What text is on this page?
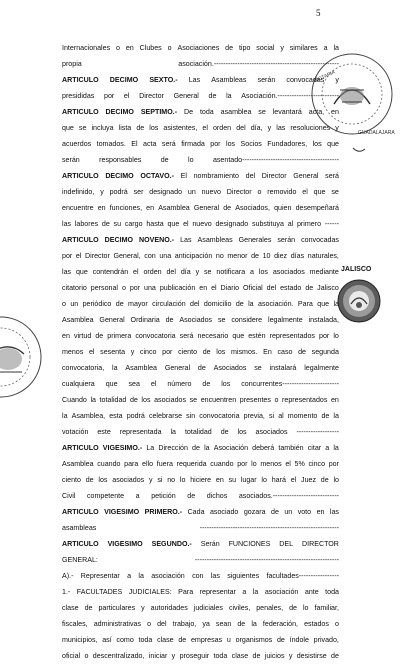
5
NOTARIA
GUADALAJARA
JALISCO
Internacionales o en Clubes o Asociaciones de tipo social y similares a la
propia	asociación.-----------------------------------------------------
ARTICULO DECIMO SEXTO.- Las Asambleas serán convocadas y
presididas por el Director General de la Asociación.--------------------------
ARTICULO DECIMO SEPTIMO.- De toda asamblea se levantará acta, en
que se incluya lista de los asistentes, el orden del día, y las resoluciones y
acuerdos tomados. El acta será firmada por los Socios Fundadores, los que
serán	responsables	de	lo	asentado-----------------------------------------
ARTICULO DECIMO OCTAVO.- El nombramiento del Director General será
indefinido, y podrá ser designado un nuevo Director o removido el que se
encuentre en funciones, en Asamblea General de Asociados, quien desempeñará
las labores de su cargo hasta que el nuevo designado substituya al primero ------
ARTICULO DECIMO NOVENO.- Las Asambleas Generales serán convocadas
por el Director General, con una anticipación no menor de 10 diez días naturales,
las que contendrán el orden del día y se notificara a los asociados mediante
citatorio personal o por una publicación en el Diario Oficial del estado de Jalisco
o un periódico de mayor circulación del domicilio de la asociación. Para que la
Asamblea General Ordinaria de Asociados se considere legalmente instalada,
en virtud de primera convocatoria será necesario que estén representados por lo
menos el sesenta y cinco por ciento de los mismos. En caso de segunda
convocatoria, la Asamblea General de Asociados se instalará legalmente
cualquiera que sea el número de los concurrentes------------------------
Cuando la totalidad de los asociados se encuentren presentes o representados en
la Asamblea, esta podrá celebrarse sin convocatoria previa, si al momento de la
votación este representada la totalidad de los asociados ------------------
ARTICULO VIGESIMO.- La Dirección de la Asociación deberá también citar a la
Asamblea cuando para ello fuera requerida cuando por lo menos el 5% cinco por
ciento de los asociados y si no lo hiciere en su lugar lo hará el Juez de lo
Civil competente a petición de dichos asociados.----------------------------
ARTICULO VIGESIMO PRIMERO.- Cada asociado gozara de un voto en las
asambleas	-----------------------------------------------------------
ARTICULO VIGESIMO SEGUNDO.- Serán FUNCIONES DEL DIRECTOR
GENERAL:	-------------------------------------------------------------
A).- Representar a la asociación con las siguientes facultades-----------------
1.- FACULTADES JUDICIALES: Para representar a la asociación ante toda
clase de particulares y autoridades judiciales civiles, penales, de lo familiar,
fiscales, administrativas o del trabajo, ya sean de la federación, estados o
municipios, así como toda clase de empresas u organismos de índole privado,
oficial o descentralizado, iniciar y proseguir toda clase de juicios y desistirse de
